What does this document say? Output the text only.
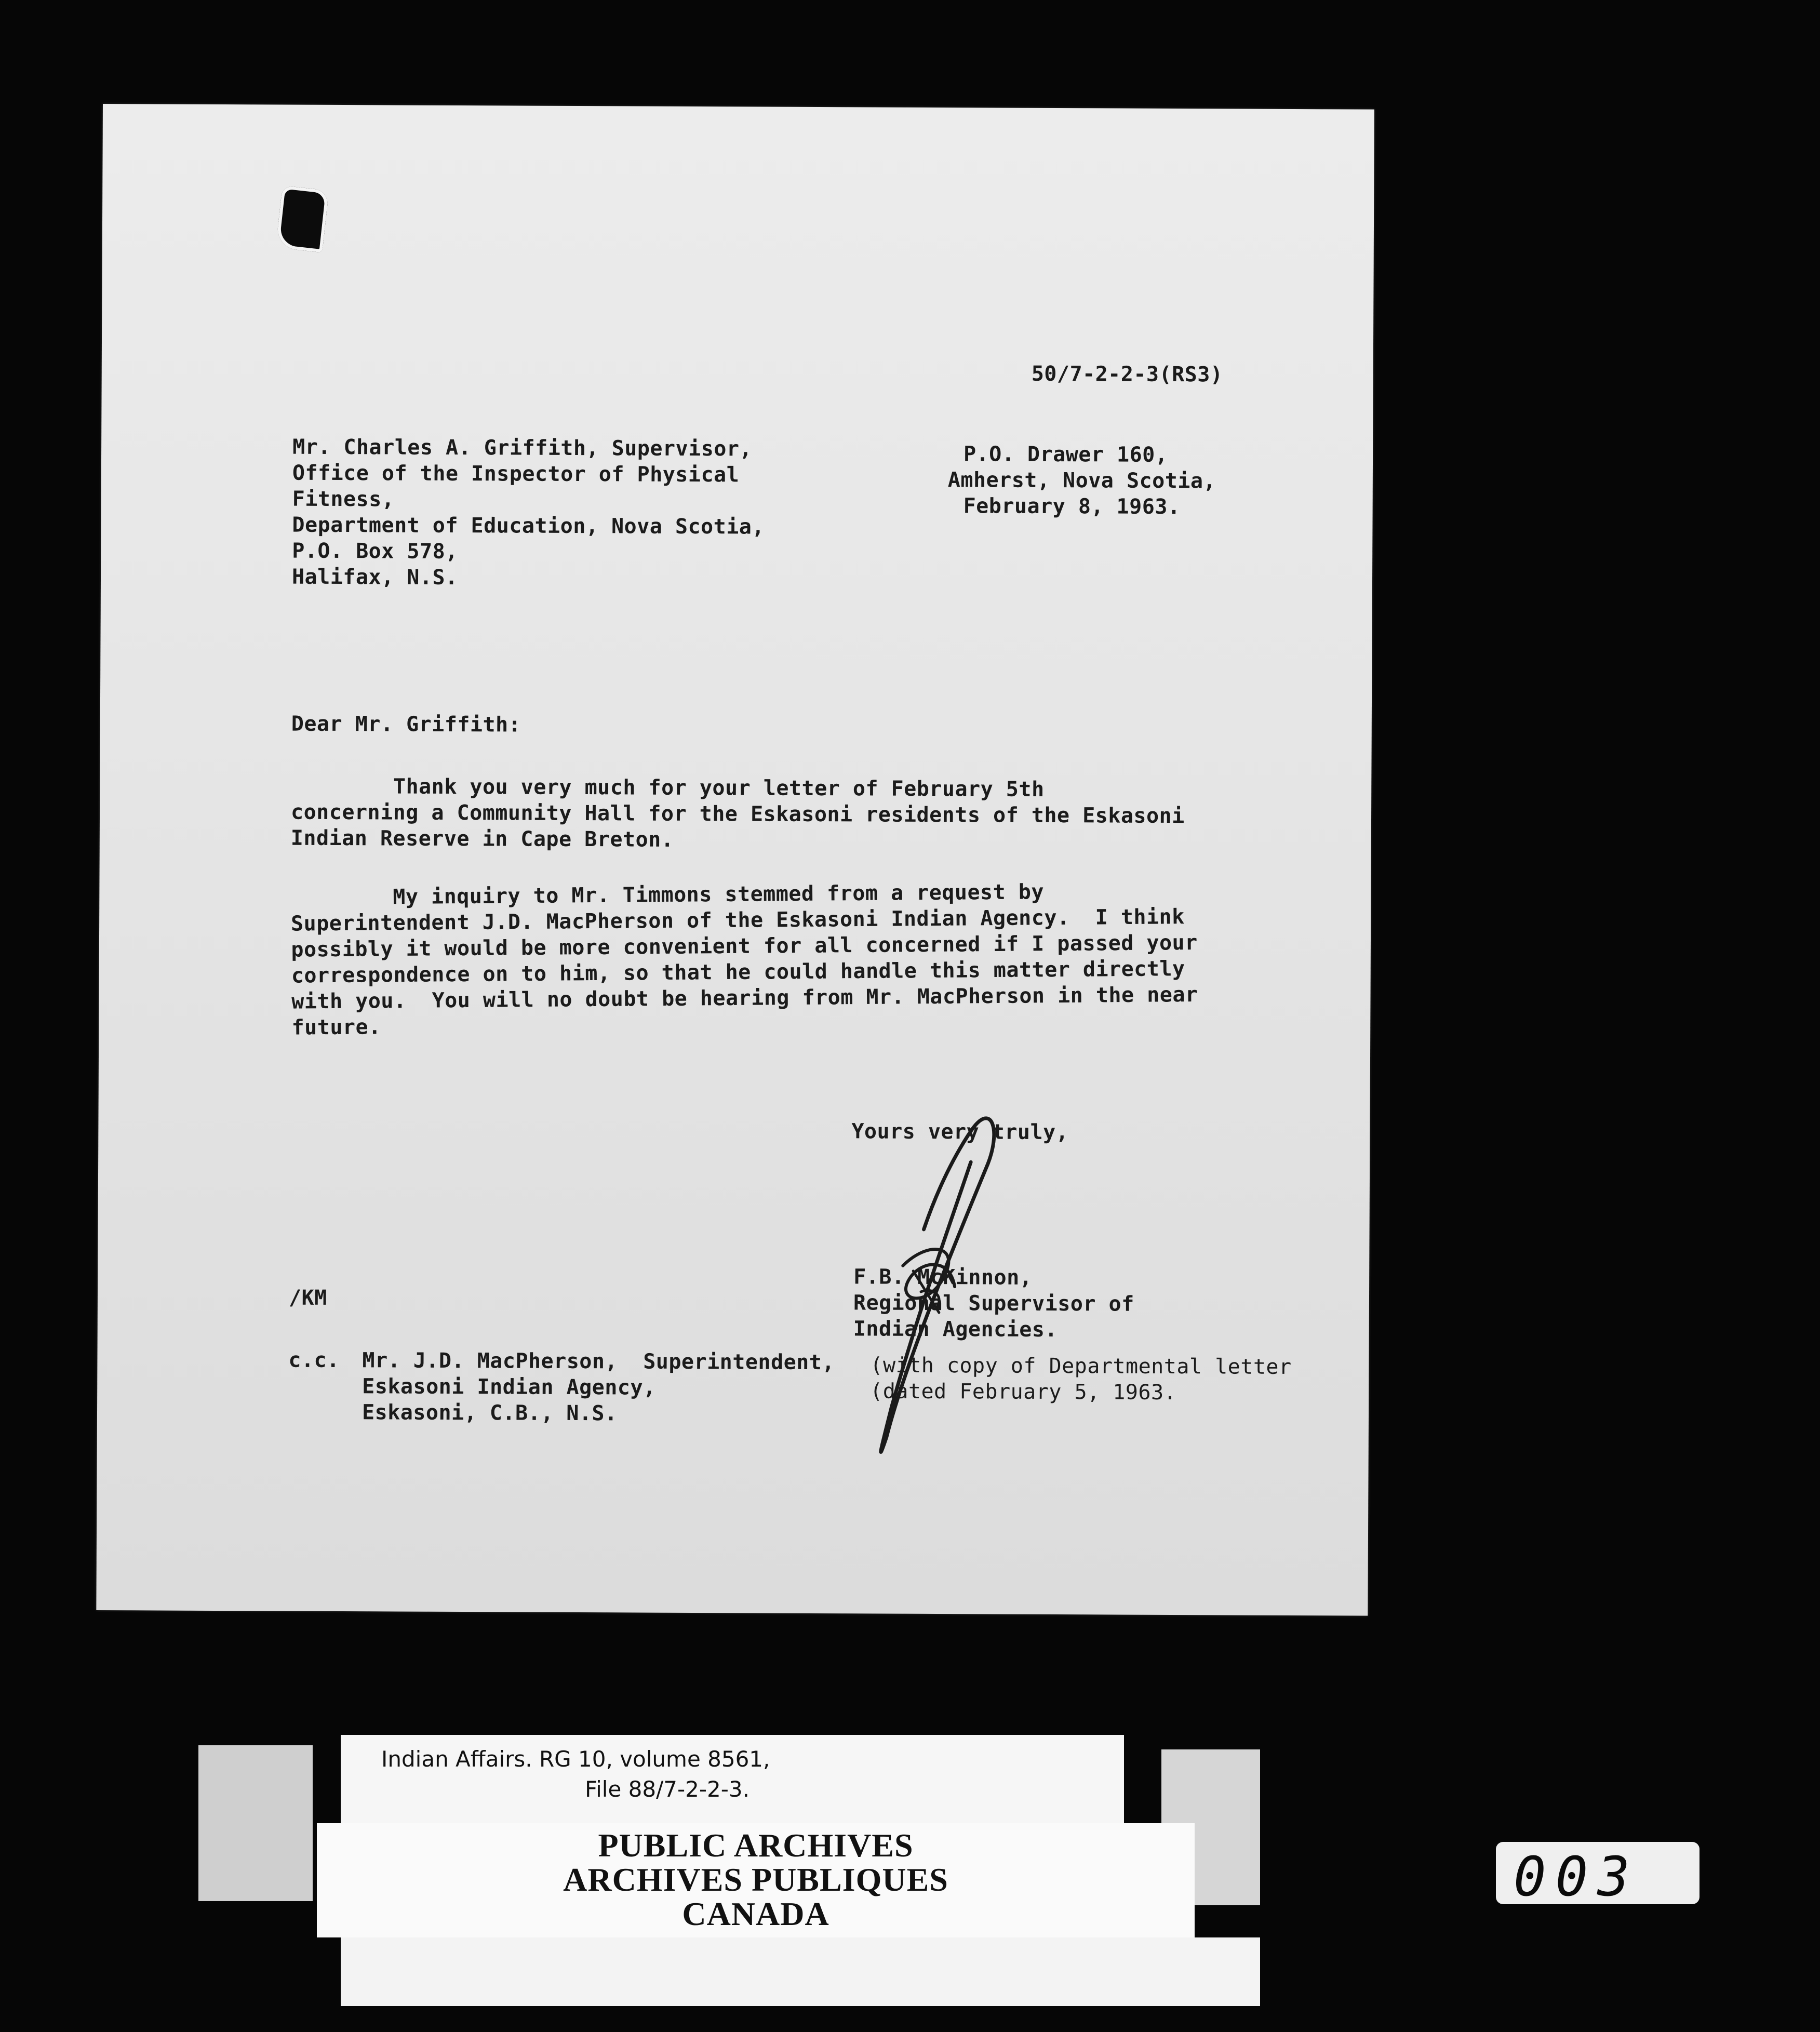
50/7-2-2-3(RS3)
Mr. Charles A. Griffith, Supervisor,
Office of the Inspector of Physical
Fitness,
Department of Education, Nova Scotia,
P.O. Box 578,
Halifax, N.S.
P.O. Drawer 160,
Amherst, Nova Scotia,
February 8, 1963.
Dear Mr. Griffith:
Thank you very much for your letter of February 5th
concerning a Community Hall for the Eskasoni residents of the Eskasoni
Indian Reserve in Cape Breton.
My inquiry to Mr. Timmons stemmed from a request by
Superintendent J.D. MacPherson of the Eskasoni Indian Agency.  I think
possibly it would be more convenient for all concerned if I passed your
correspondence on to him, so that he could handle this matter directly
with you.  You will no doubt be hearing from Mr. MacPherson in the near
future.
Yours very truly,
F.B. McKinnon,
Regional Supervisor of
Indian Agencies.
/KM
c.c. Mr. J.D. MacPherson,  Superintendent,
Eskasoni Indian Agency,
Eskasoni, C.B., N.S.
(with copy of Departmental letter
(dated February 5, 1963.
Indian Affairs. RG 10, volume 8561,
File 88/7-2-2-3.
PUBLIC ARCHIVES
ARCHIVES PUBLIQUES
CANADA
003
